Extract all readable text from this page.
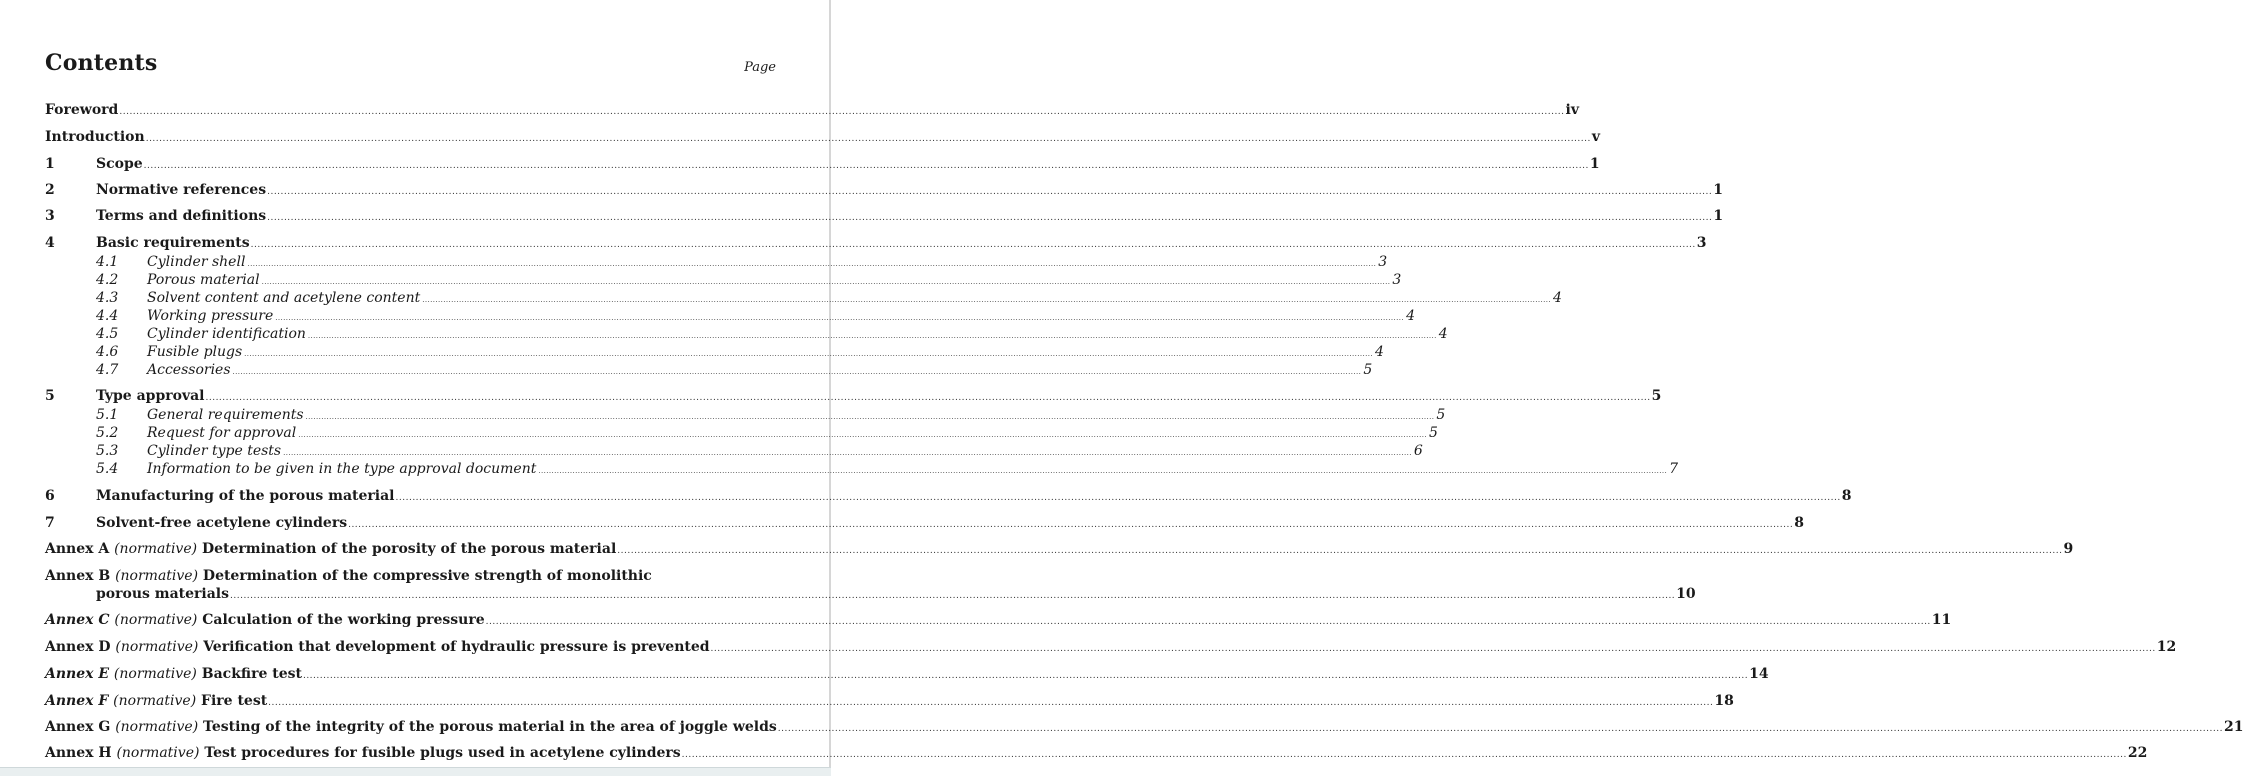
Contents	Page
Foreword .............................................................................................................................................................................................................................................................................................................................................................................................................................................. iv
Introduction .............................................................................................................................................................................................................................................................................................................................................................................................................................................. v
1	Scope .............................................................................................................................................................................................................................................................................................................................................................................................................................................. 1
2	Normative references .............................................................................................................................................................................................................................................................................................................................................................................................................................................. 1
3	Terms and definitions .............................................................................................................................................................................................................................................................................................................................................................................................................................................. 1
4	Basic requirements .............................................................................................................................................................................................................................................................................................................................................................................................................................................. 3
4.1 Cylinder shell .............................................................................................................................................................................................................................................................................................................................................................................................................................................. 3
4.2 Porous material .............................................................................................................................................................................................................................................................................................................................................................................................................................................. 3
4.3 Solvent content and acetylene content .............................................................................................................................................................................................................................................................................................................................................................................................................................................. 4
4.4 Working pressure .............................................................................................................................................................................................................................................................................................................................................................................................................................................. 4
4.5 Cylinder identification .............................................................................................................................................................................................................................................................................................................................................................................................................................................. 4
4.6 Fusible plugs .............................................................................................................................................................................................................................................................................................................................................................................................................................................. 4
4.7 Accessories .............................................................................................................................................................................................................................................................................................................................................................................................................................................. 5
5	Type approval .............................................................................................................................................................................................................................................................................................................................................................................................................................................. 5
5.1 General requirements .............................................................................................................................................................................................................................................................................................................................................................................................................................................. 5
5.2 Request for approval .............................................................................................................................................................................................................................................................................................................................................................................................................................................. 5
5.3 Cylinder type tests .............................................................................................................................................................................................................................................................................................................................................................................................................................................. 6
5.4 Information to be given in the type approval document .............................................................................................................................................................................................................................................................................................................................................................................................................................................. 7
6	Manufacturing of the porous material .............................................................................................................................................................................................................................................................................................................................................................................................................................................. 8
7	Solvent-free acetylene cylinders .............................................................................................................................................................................................................................................................................................................................................................................................................................................. 8
Annex A (normative) Determination of the porosity of the porous material .............................................................................................................................................................................................................................................................................................................................................................................................................................................. 9
Annex B (normative) Determination of the compressive strength of monolithic
porous materials .............................................................................................................................................................................................................................................................................................................................................................................................................................................. 10
Annex C (normative) Calculation of the working pressure .............................................................................................................................................................................................................................................................................................................................................................................................................................................. 11
Annex D (normative) Verification that development of hydraulic pressure is prevented .............................................................................................................................................................................................................................................................................................................................................................................................................................................. 12
Annex E (normative) Backfire test .............................................................................................................................................................................................................................................................................................................................................................................................................................................. 14
Annex F (normative) Fire test .............................................................................................................................................................................................................................................................................................................................................................................................................................................. 18
Annex G (normative) Testing of the integrity of the porous material in the area of joggle welds .............................................................................................................................................................................................................................................................................................................................................................................................................................................. 21
Annex H (normative) Test procedures for fusible plugs used in acetylene cylinders .............................................................................................................................................................................................................................................................................................................................................................................................................................................. 22
